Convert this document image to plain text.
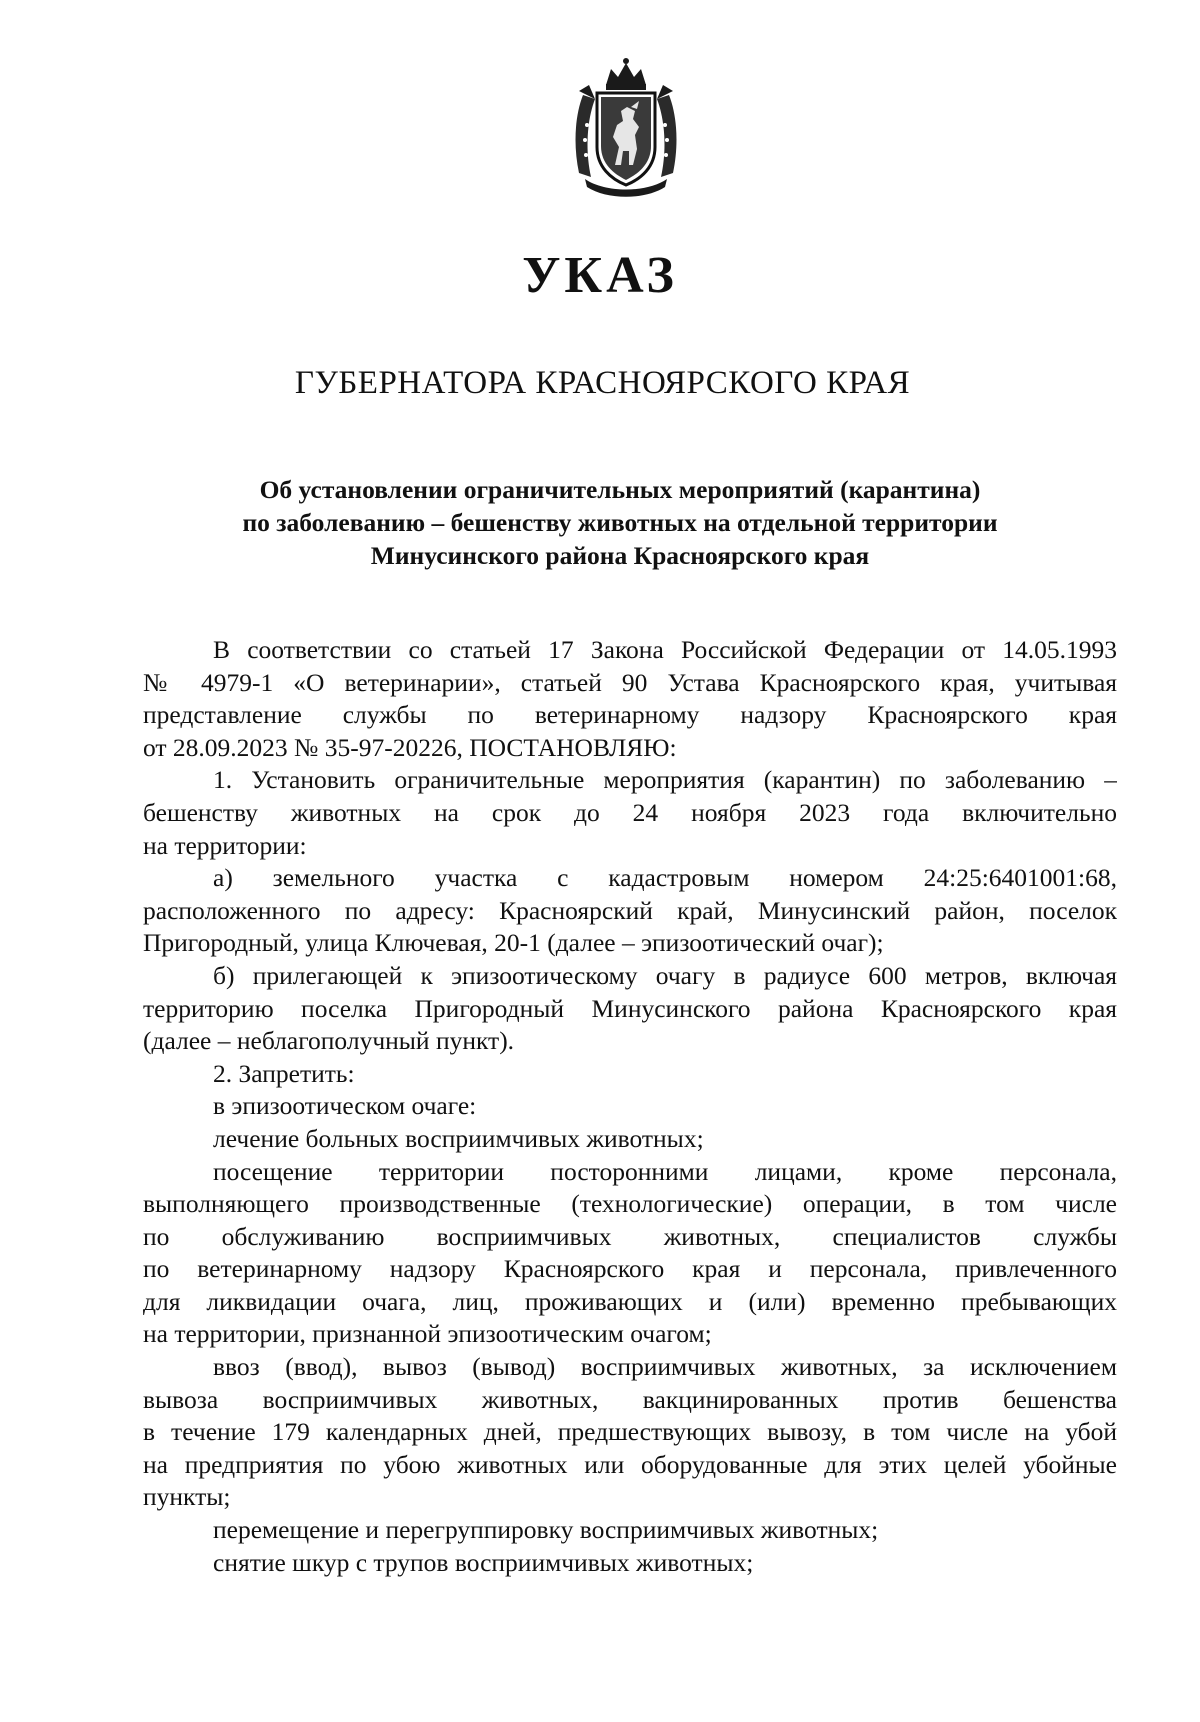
УКАЗ
ГУБЕРНАТОРА КРАСНОЯРСКОГО КРАЯ
Об установлении ограничительных мероприятий (карантина)
по заболеванию – бешенству животных на отдельной территории
Минусинского района Красноярского края
В соответствии со статьей 17 Закона Российской Федерации от 14.05.1993
№ 4979-1 «О ветеринарии», статьей 90 Устава Красноярского края, учитывая
представление службы по ветеринарному надзору Красноярского края
от 28.09.2023 № 35-97-20226, ПОСТАНОВЛЯЮ:
1. Установить ограничительные мероприятия (карантин) по заболеванию –
бешенству животных на срок до 24 ноября 2023 года включительно
на территории:
а) земельного участка с кадастровым номером 24:25:6401001:68,
расположенного по адресу: Красноярский край, Минусинский район, поселок
Пригородный, улица Ключевая, 20-1 (далее – эпизоотический очаг);
б) прилегающей к эпизоотическому очагу в радиусе 600 метров, включая
территорию поселка Пригородный Минусинского района Красноярского края
(далее – неблагополучный пункт).
2. Запретить:
в эпизоотическом очаге:
лечение больных восприимчивых животных;
посещение территории посторонними лицами, кроме персонала,
выполняющего производственные (технологические) операции, в том числе
по обслуживанию восприимчивых животных, специалистов службы
по ветеринарному надзору Красноярского края и персонала, привлеченного
для ликвидации очага, лиц, проживающих и (или) временно пребывающих
на территории, признанной эпизоотическим очагом;
ввоз (ввод), вывоз (вывод) восприимчивых животных, за исключением
вывоза восприимчивых животных, вакцинированных против бешенства
в течение 179 календарных дней, предшествующих вывозу, в том числе на убой
на предприятия по убою животных или оборудованные для этих целей убойные
пункты;
перемещение и перегруппировку восприимчивых животных;
снятие шкур с трупов восприимчивых животных;
